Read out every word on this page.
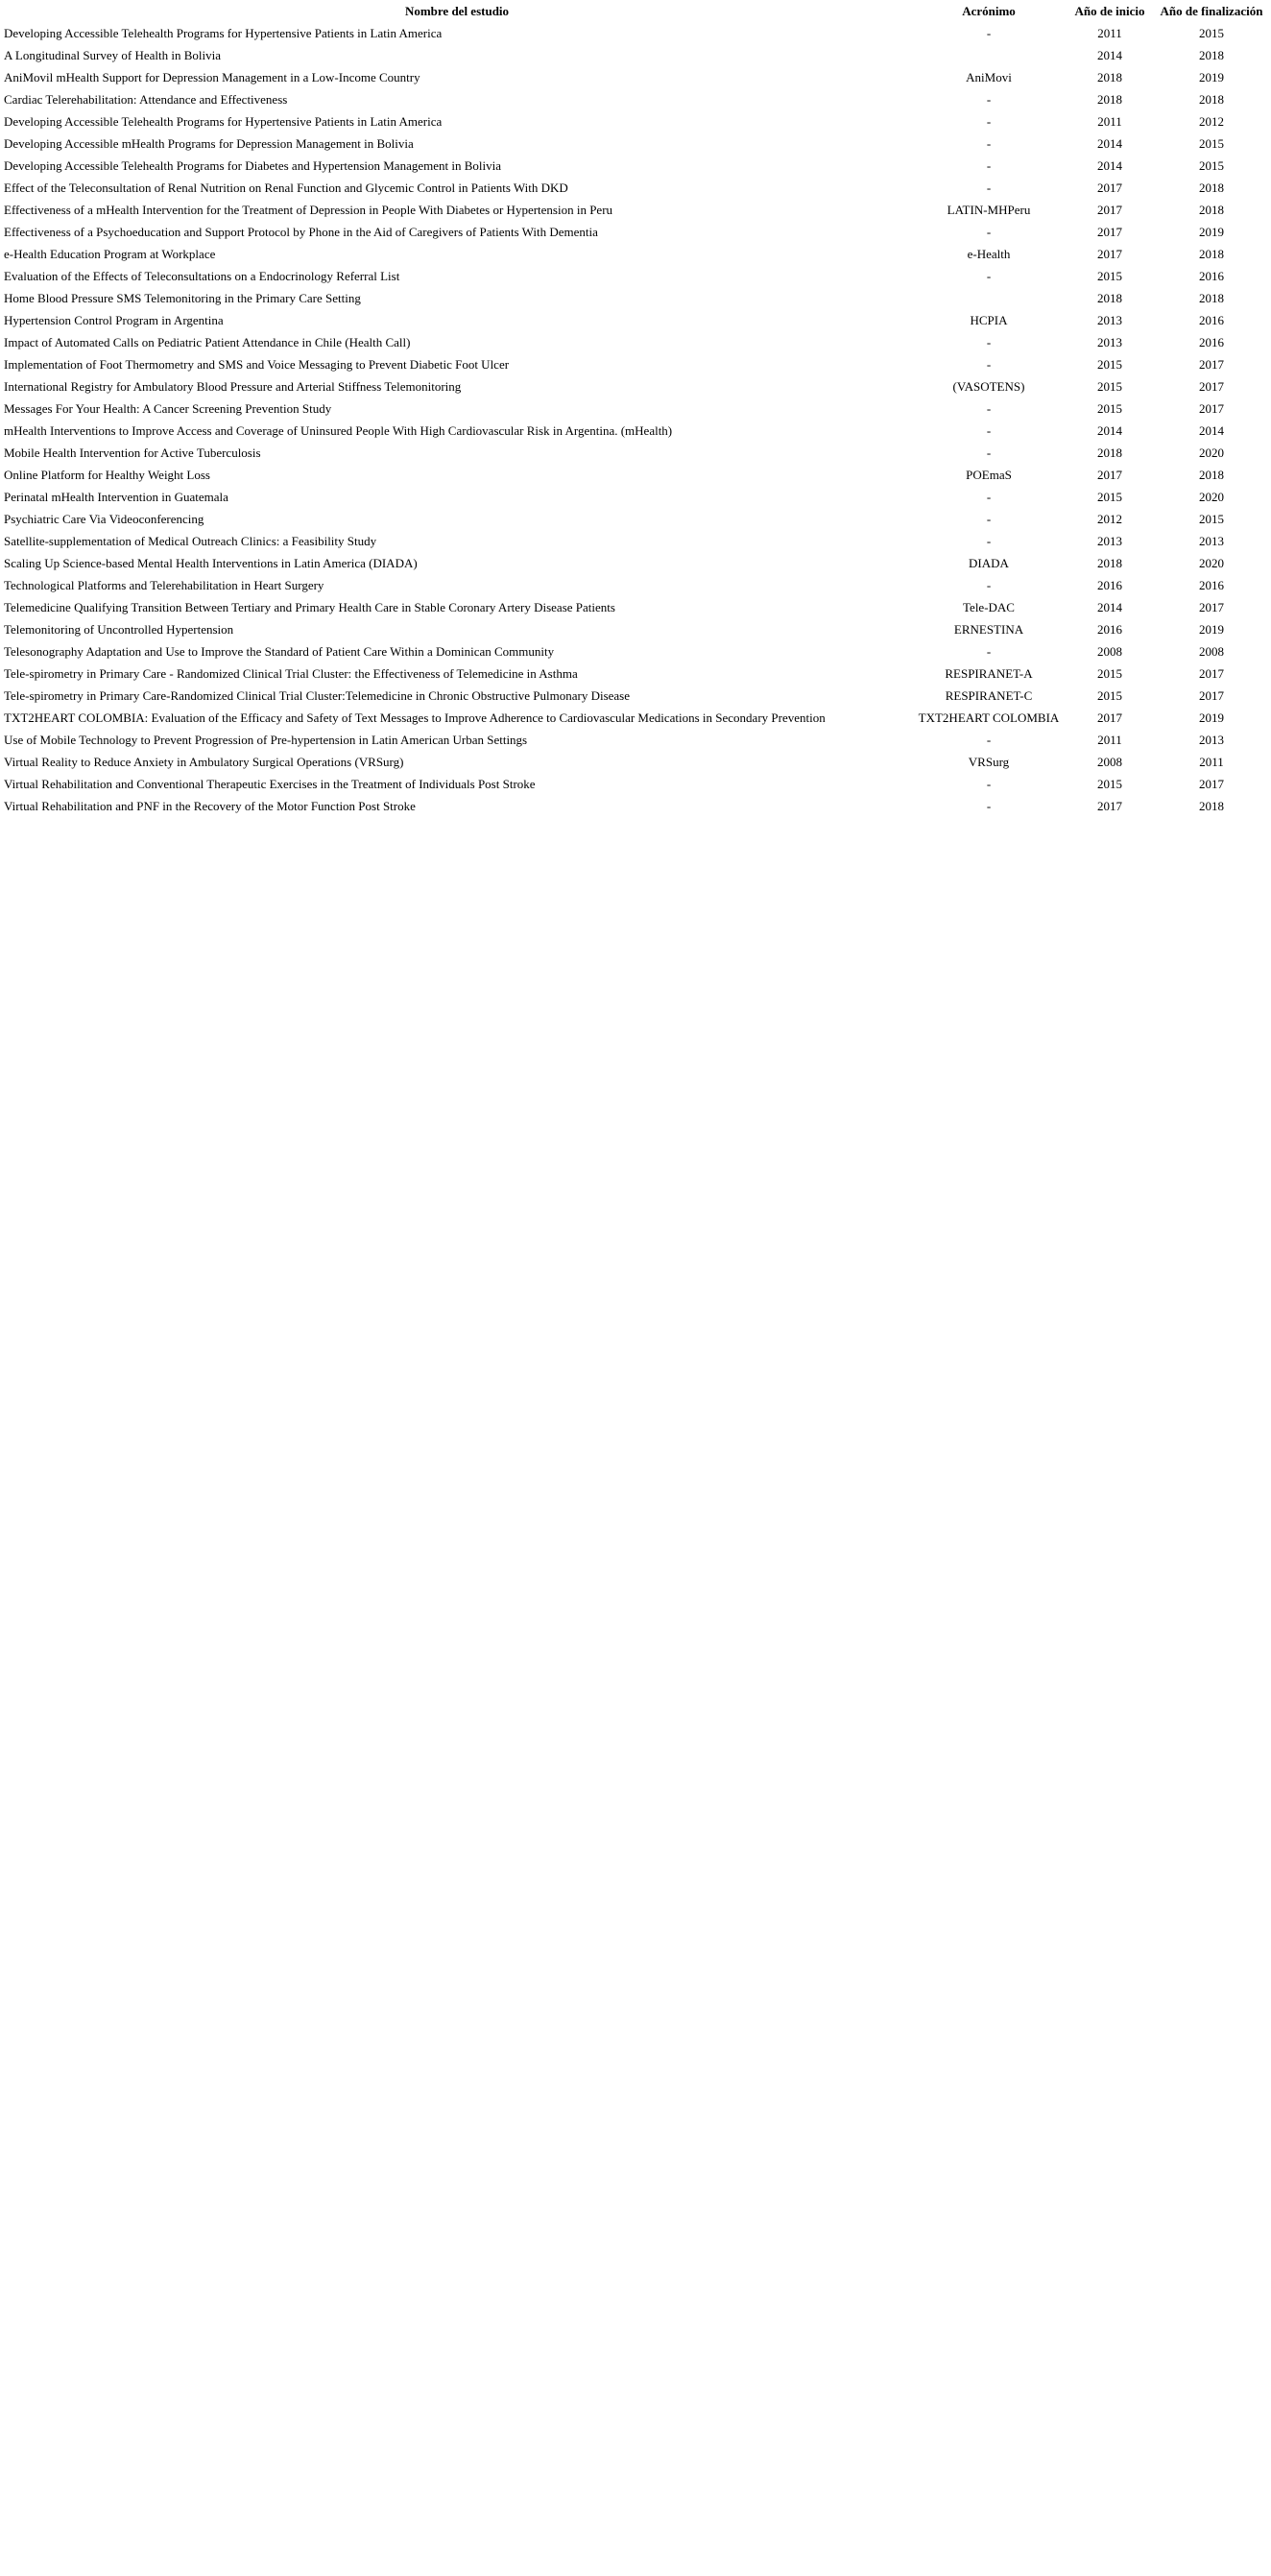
Nombre del estudio	Acrónimo	Año de inicio	Año de finalización
Developing Accessible Telehealth Programs for Hypertensive Patients in Latin America	-	2011	2015
A Longitudinal Survey of Health in Bolivia		2014	2018
AniMovil mHealth Support for Depression Management in a Low-Income Country	AniMovi	2018	2019
Cardiac Telerehabilitation: Attendance and Effectiveness	-	2018	2018
Developing Accessible Telehealth Programs for Hypertensive Patients in Latin America	-	2011	2012
Developing Accessible mHealth Programs for Depression Management in Bolivia	-	2014	2015
Developing Accessible Telehealth Programs for Diabetes and Hypertension Management in Bolivia	-	2014	2015
Effect of the Teleconsultation of Renal Nutrition on Renal Function and Glycemic Control in Patients With DKD	-	2017	2018
Effectiveness of a mHealth Intervention for the Treatment of Depression in People With Diabetes or Hypertension in Peru	LATIN-MHPeru	2017	2018
Effectiveness of a Psychoeducation and Support Protocol by Phone in the Aid of Caregivers of Patients With Dementia	-	2017	2019
e-Health Education Program at Workplace	e-Health	2017	2018
Evaluation of the Effects of Teleconsultations on a Endocrinology Referral List	-	2015	2016
Home Blood Pressure SMS Telemonitoring in the Primary Care Setting		2018	2018
Hypertension Control Program in Argentina	HCPIA	2013	2016
Impact of Automated Calls on Pediatric Patient Attendance in Chile (Health Call)	-	2013	2016
Implementation of Foot Thermometry and SMS and Voice Messaging to Prevent Diabetic Foot Ulcer	-	2015	2017
International Registry for Ambulatory Blood Pressure and Arterial Stiffness Telemonitoring	(VASOTENS)	2015	2017
Messages For Your Health: A Cancer Screening Prevention Study	-	2015	2017
mHealth Interventions to Improve Access and Coverage of Uninsured People With High Cardiovascular Risk in Argentina. (mHealth)	-	2014	2014
Mobile Health Intervention for Active Tuberculosis	-	2018	2020
Online Platform for Healthy Weight Loss	POEmaS	2017	2018
Perinatal mHealth Intervention in Guatemala	-	2015	2020
Psychiatric Care Via Videoconferencing	-	2012	2015
Satellite-supplementation of Medical Outreach Clinics: a Feasibility Study	-	2013	2013
Scaling Up Science-based Mental Health Interventions in Latin America (DIADA)	DIADA	2018	2020
Technological Platforms and Telerehabilitation in Heart Surgery	-	2016	2016
Telemedicine Qualifying Transition Between Tertiary and Primary Health Care in Stable Coronary Artery Disease Patients	Tele-DAC	2014	2017
Telemonitoring of Uncontrolled Hypertension	ERNESTINA	2016	2019
Telesonography Adaptation and Use to Improve the Standard of Patient Care Within a Dominican Community	-	2008	2008
Tele-spirometry in Primary Care - Randomized Clinical Trial Cluster: the Effectiveness of Telemedicine in Asthma	RESPIRANET-A	2015	2017
Tele-spirometry in Primary Care-Randomized Clinical Trial Cluster:Telemedicine in Chronic Obstructive Pulmonary Disease	RESPIRANET-C	2015	2017
TXT2HEART COLOMBIA: Evaluation of the Efficacy and Safety of Text Messages to Improve Adherence to Cardiovascular Medications in Secondary Prevention	TXT2HEART COLOMBIA	2017	2019
Use of Mobile Technology to Prevent Progression of Pre-hypertension in Latin American Urban Settings	-	2011	2013
Virtual Reality to Reduce Anxiety in Ambulatory Surgical Operations (VRSurg)	VRSurg	2008	2011
Virtual Rehabilitation and Conventional Therapeutic Exercises in the Treatment of Individuals Post Stroke	-	2015	2017
Virtual Rehabilitation and PNF in the Recovery of the Motor Function Post Stroke	-	2017	2018
